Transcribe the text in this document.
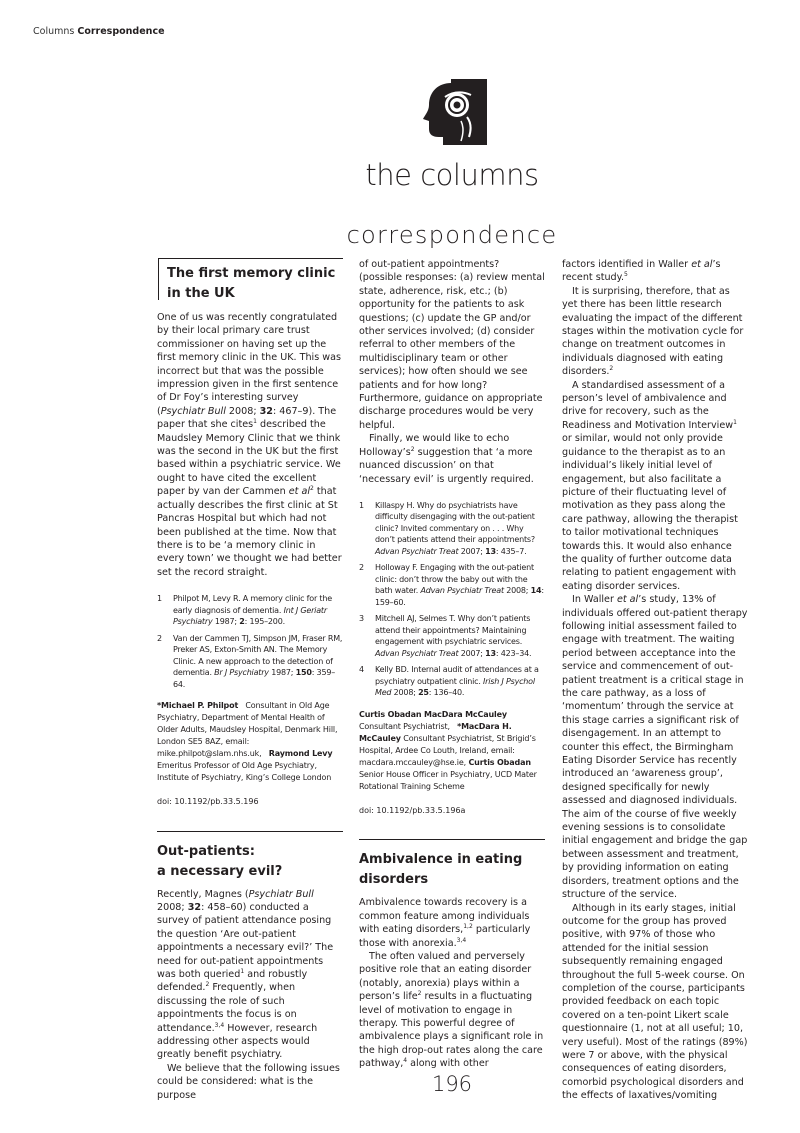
Columns Correspondence
the columns
correspondence
The first memory clinic
in the UK

One of us was recently congratulated by their local primary care trust commissioner on having set up the first memory clinic in the UK. This was incorrect but that was the possible impression given in the first sentence of Dr Foy’s interesting survey (Psychiatr Bull 2008; 32: 467–9). The paper that she cites$^1$ described the Maudsley Memory Clinic that we think was the second in the UK but the first based within a psychiatric service. We ought to have cited the excellent paper by van der Cammen et $al^2$ that actually describes the first clinic at St Pancras Hospital but which had not been published at the time. Now that there is to be ‘a memory clinic in every town’ we thought we had better set the record straight.

1 Philpot M, Levy R. A memory clinic for the early diagnosis of dementia. Int J Geriatr Psychiatry 1987; 2: 195–200.
2 Van der Cammen TJ, Simpson JM, Fraser RM, Preker AS, Exton-Smith AN. The Memory Clinic. A new approach to the detection of dementia. Br J Psychiatry 1987; 150: 359–64.
*Michael P. Philpot Consultant in Old Age Psychiatry, Department of Mental Health of Older Adults, Maudsley Hospital, Denmark Hill, London SE5 8AZ, email: mike.philpot@slam.nhs.uk, Raymond Levy   Emeritus Professor of Old Age Psychiatry, Institute of Psychiatry, King’s College London
doi: 10.1192/pb.33.5.196
Out-patients:
a necessary evil?

Recently, Magnes (Psychiatr Bull 2008; 32: 458–60) conducted a survey of patient attendance posing the question ‘Are out-patient appointments a necessary evil?’ The need for out-patient appointments was both queried$^1$ and robustly defended.$^2$ Frequently, when discussing the role of such appointments the focus is on attendance.$^{3,4}$ However, research addressing other aspects would greatly benefit psychiatry.

We believe that the following issues could be considered: what is the purpose

of out-patient appointments? (possible responses: (a) review mental state, adherence, risk, etc.; (b) opportunity for the patients to ask questions; (c) update the GP and/or other services involved; (d) consider referral to other members of the multidisciplinary team or other services); how often should we see patients and for how long? Furthermore, guidance on appropriate discharge procedures would be very helpful.

Finally, we would like to echo $Holloway’s^2$ suggestion that ‘a more nuanced discussion’ on that ‘necessary evil’ is urgently required.

1 Killaspy H. Why do psychiatrists have difficulty disengaging with the out-patient clinic? Invited commentary on . . . Why don’t patients attend their appointments? Advan Psychiatr Treat 2007; 13: 435–7.
2 Holloway F. Engaging with the out-patient clinic: don’t throw the baby out with the bath water. Advan Psychiatr Treat 2008; 14: 159–60.
3 Mitchell AJ, Selmes T. Why don’t patients attend their appointments? Maintaining engagement with psychiatric services. Advan Psychiatr Treat 2007; 13: 423–34.
4 Kelly BD. Internal audit of attendances at a psychiatry outpatient clinic. Irish J Psychol Med 2008; 25: 136–40.
Curtis Obadan MacDara McCauley   Consultant Psychiatrist, *MacDara H. McCauley Consultant Psychiatrist, St Brigid’s Hospital, Ardee Co Louth, Ireland, email: macdara.mccauley@hse.ie, Curtis Obadan   Senior House Officer in Psychiatry, UCD Mater Rotational Training Scheme
doi: 10.1192/pb.33.5.196a
Ambivalence in eating
disorders

Ambivalence towards recovery is a common feature among individuals with eating disorders,$^{1,2}$ particularly those with anorexia.$^{3,4}$

The often valued and perversely positive role that an eating disorder (notably, anorexia) plays within a person’s life$^2$ results in a fluctuating level of motivation to engage in therapy. This powerful degree of ambivalence plays a significant role in the high drop-out rates along the care pathway,$^4$ along with other

factors identified in Waller et al’s recent study.$^5$

It is surprising, therefore, that as yet there has been little research evaluating the impact of the different stages within the motivation cycle for change on treatment outcomes in individuals diagnosed with eating disorders.$^2$

A standardised assessment of a person’s level of ambivalence and drive for recovery, such as the Readiness and Motivation Interview$^1$ or similar, would not only provide guidance to the therapist as to an individual’s likely initial level of engagement, but also facilitate a picture of their fluctuating level of motivation as they pass along the care pathway, allowing the therapist to tailor motivational techniques towards this. It would also enhance the quality of further outcome data relating to patient engagement with eating disorder services.

In Waller et al’s study, 13% of individuals offered out-patient therapy following initial assessment failed to engage with treatment. The waiting period between acceptance into the service and commencement of out-patient treatment is a critical stage in the care pathway, as a loss of ‘momentum’ through the service at this stage carries a significant risk of disengagement. In an attempt to counter this effect, the Birmingham Eating Disorder Service has recently introduced an ‘awareness group’, designed specifically for newly assessed and diagnosed individuals. The aim of the course of five weekly evening sessions is to consolidate initial engagement and bridge the gap between assessment and treatment, by providing information on eating disorders, treatment options and the structure of the service.

Although in its early stages, initial outcome for the group has proved positive, with 97% of those who attended for the initial session subsequently remaining engaged throughout the full 5-week course. On completion of the course, participants provided feedback on each topic covered on a ten-point Likert scale questionnaire (1, not at all useful; 10, very useful). Most of the ratings (89%) were 7 or above, with the physical consequences of eating disorders, comorbid psychological disorders and the effects of laxatives/vomiting

196
